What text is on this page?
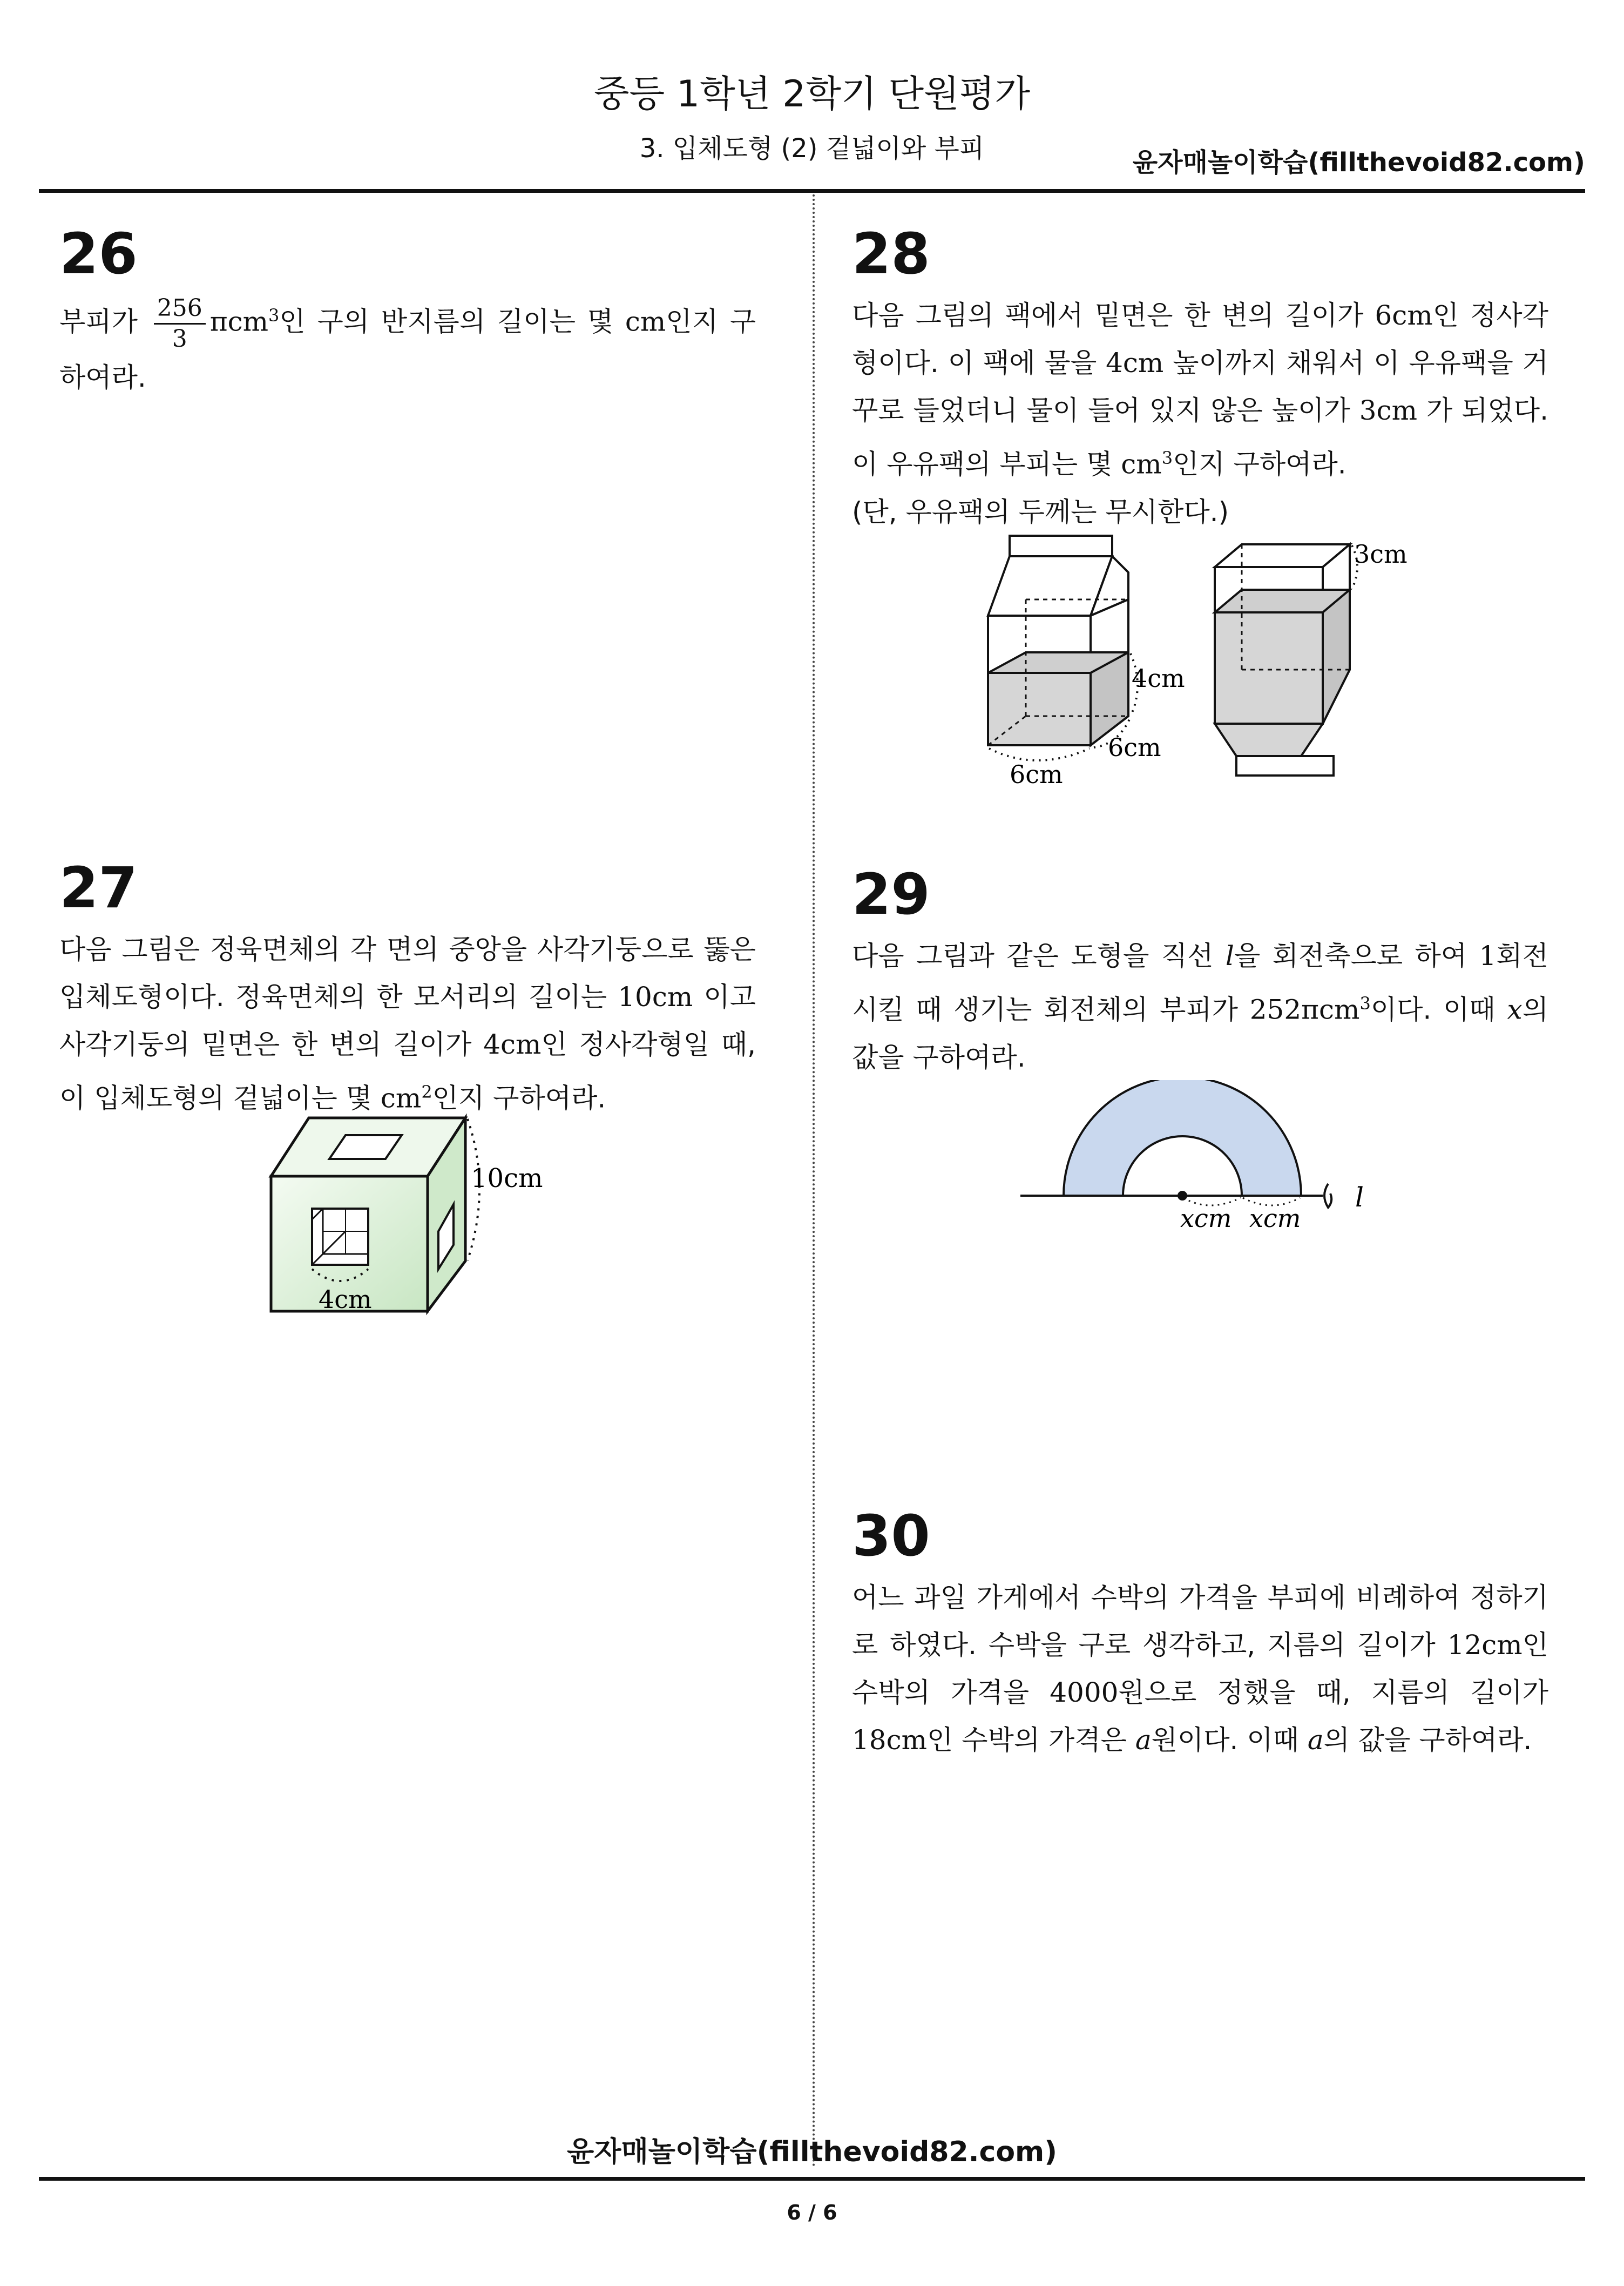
중등 1학년 2학기 단원평가
3. 입체도형 (2) 겉넓이와 부피	윤자매놀이학습(fillthevoid82.com)
26
부피가 $\frac{256}{3} \pi cm^3$인 구의 반지름의 길이는 몇 cm인지 구하여라.
27
다음 그림은 정육면체의 각 면의 중앙을 사각기둥으로 뚫은 입체도형이다. 정육면체의 한 모서리의 길이는 10cm 이고 사각기둥의 밑면은 한 변의 길이가 4cm인 정사각형일 때, 이 입체도형의 겉넓이는 몇 $cm^2$인지 구하여라.
10cm
4cm
28
다음 그림의 팩에서 밑면은 한 변의 길이가 6cm인 정사각형이다. 이 팩에 물을 4cm 높이까지 채워서 이 우유팩을 거꾸로 들었더니 물이 들어 있지 않은 높이가 3cm 가 되었다. 이 우유팩의 부피는 몇 $cm^3$인지 구하여라.
(단, 우유팩의 두께는 무시한다.)
4cm
6cm
6cm
3cm
29
다음 그림과 같은 도형을 직선 l을 회전축으로 하여 1회전 시킬 때 생기는 회전체의 부피가 252πcm$^3$이다. 이때 x의 값을 구하여라.
xcm xcm
l
30
어느 과일 가게에서 수박의 가격을 부피에 비례하여 정하기로 하였다. 수박을 구로 생각하고, 지름의 길이가 12cm인 수박의 가격을 4000원으로 정했을 때, 지름의 길이가 18cm인 수박의 가격은 a원이다. 이때 a의 값을 구하여라.
윤자매놀이학습(fillthevoid82.com)
6 / 6
